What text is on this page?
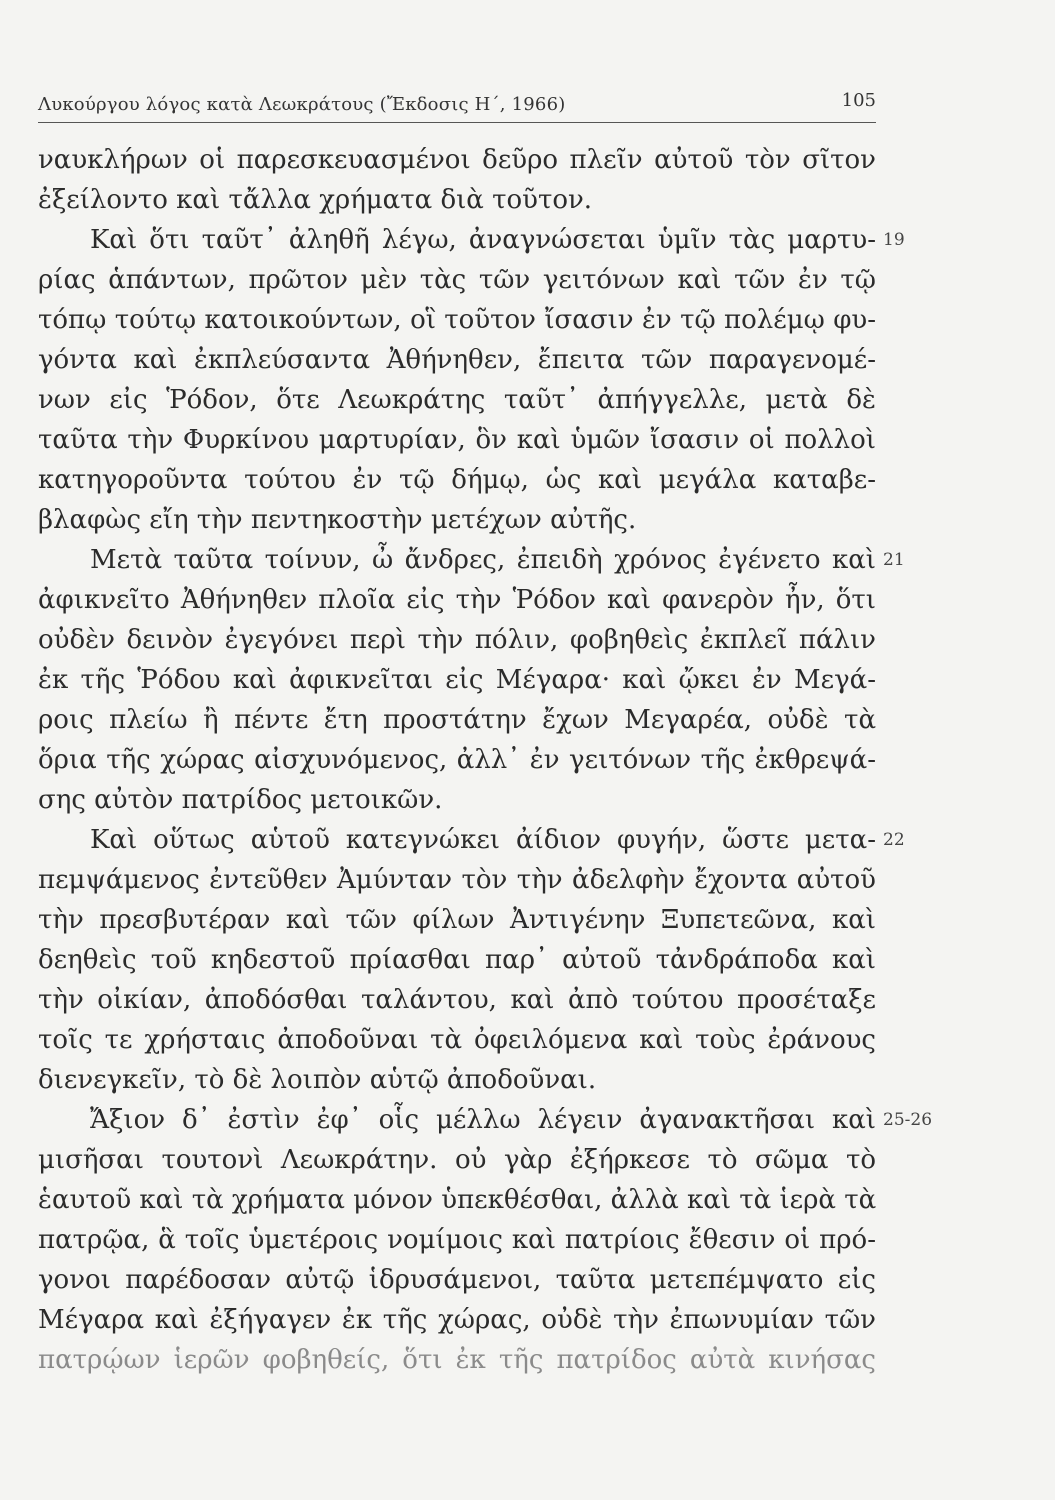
Λυκούργου λόγος κατὰ Λεωκράτους (Ἔκδοσις Η΄, 1966)	105
ναυκλήρων οἱ παρεσκευασμένοι δεῦρο πλεῖν αὐτοῦ τὸν σῖτον
ἐξείλοντο καὶ τἄλλα χρήματα διὰ τοῦτον.
Καὶ ὅτι ταῦτ᾽ ἀληθῆ λέγω, ἀναγνώσεται ὑμῖν τὰς μαρτυ- 19
ρίας ἁπάντων, πρῶτον μὲν τὰς τῶν γειτόνων καὶ τῶν ἐν τῷ
τόπῳ τούτῳ κατοικούντων, οἳ τοῦτον ἴσασιν ἐν τῷ πολέμῳ φυ-
γόντα καὶ ἐκπλεύσαντα Ἀθήνηθεν, ἔπειτα τῶν παραγενομέ-
νων εἰς Ῥόδον, ὅτε Λεωκράτης ταῦτ᾽ ἀπήγγελλε, μετὰ δὲ
ταῦτα τὴν Φυρκίνου μαρτυρίαν, ὃν καὶ ὑμῶν ἴσασιν οἱ πολλοὶ
κατηγοροῦντα τούτου ἐν τῷ δήμῳ, ὡς καὶ μεγάλα καταβε-
βλαφὼς εἴη τὴν πεντηκοστὴν μετέχων αὐτῆς.
Μετὰ ταῦτα τοίνυν, ὦ ἄνδρες, ἐπειδὴ χρόνος ἐγένετο καὶ 21
ἀφικνεῖτο Ἀθήνηθεν πλοῖα εἰς τὴν Ῥόδον καὶ φανερὸν ἦν, ὅτι
οὐδὲν δεινὸν ἐγεγόνει περὶ τὴν πόλιν, φοβηθεὶς ἐκπλεῖ πάλιν
ἐκ τῆς Ῥόδου καὶ ἀφικνεῖται εἰς Μέγαρα· καὶ ᾤκει ἐν Μεγά-
ροις πλείω ἢ πέντε ἔτη προστάτην ἔχων Μεγαρέα, οὐδὲ τὰ
ὅρια τῆς χώρας αἰσχυνόμενος, ἀλλ᾽ ἐν γειτόνων τῆς ἐκθρεψά-
σης αὐτὸν πατρίδος μετοικῶν.
Καὶ οὕτως αὑτοῦ κατεγνώκει ἀίδιον φυγήν, ὥστε μετα- 22
πεμψάμενος ἐντεῦθεν Ἀμύνταν τὸν τὴν ἀδελφὴν ἔχοντα αὐτοῦ
τὴν πρεσβυτέραν καὶ τῶν φίλων Ἀντιγένην Ξυπετεῶνα, καὶ
δεηθεὶς τοῦ κηδεστοῦ πρίασθαι παρ᾽ αὐτοῦ τἀνδράποδα καὶ
τὴν οἰκίαν, ἀποδόσθαι ταλάντου, καὶ ἀπὸ τούτου προσέταξε
τοῖς τε χρήσταις ἀποδοῦναι τὰ ὀφειλόμενα καὶ τοὺς ἐράνους
διενεγκεῖν, τὸ δὲ λοιπὸν αὑτῷ ἀποδοῦναι.
Ἄξιον δ᾽ ἐστὶν ἐφ᾽ οἷς μέλλω λέγειν ἀγανακτῆσαι καὶ 25-26
μισῆσαι τουτονὶ Λεωκράτην. οὐ γὰρ ἐξήρκεσε τὸ σῶμα τὸ
ἑαυτοῦ καὶ τὰ χρήματα μόνον ὑπεκθέσθαι, ἀλλὰ καὶ τὰ ἱερὰ τὰ
πατρῷα, ἃ τοῖς ὑμετέροις νομίμοις καὶ πατρίοις ἔθεσιν οἱ πρό-
γονοι παρέδοσαν αὐτῷ ἱδρυσάμενοι, ταῦτα μετεπέμψατο εἰς
Μέγαρα καὶ ἐξήγαγεν ἐκ τῆς χώρας, οὐδὲ τὴν ἐπωνυμίαν τῶν
πατρῴων ἱερῶν φοβηθείς, ὅτι ἐκ τῆς πατρίδος αὐτὰ κινήσας
